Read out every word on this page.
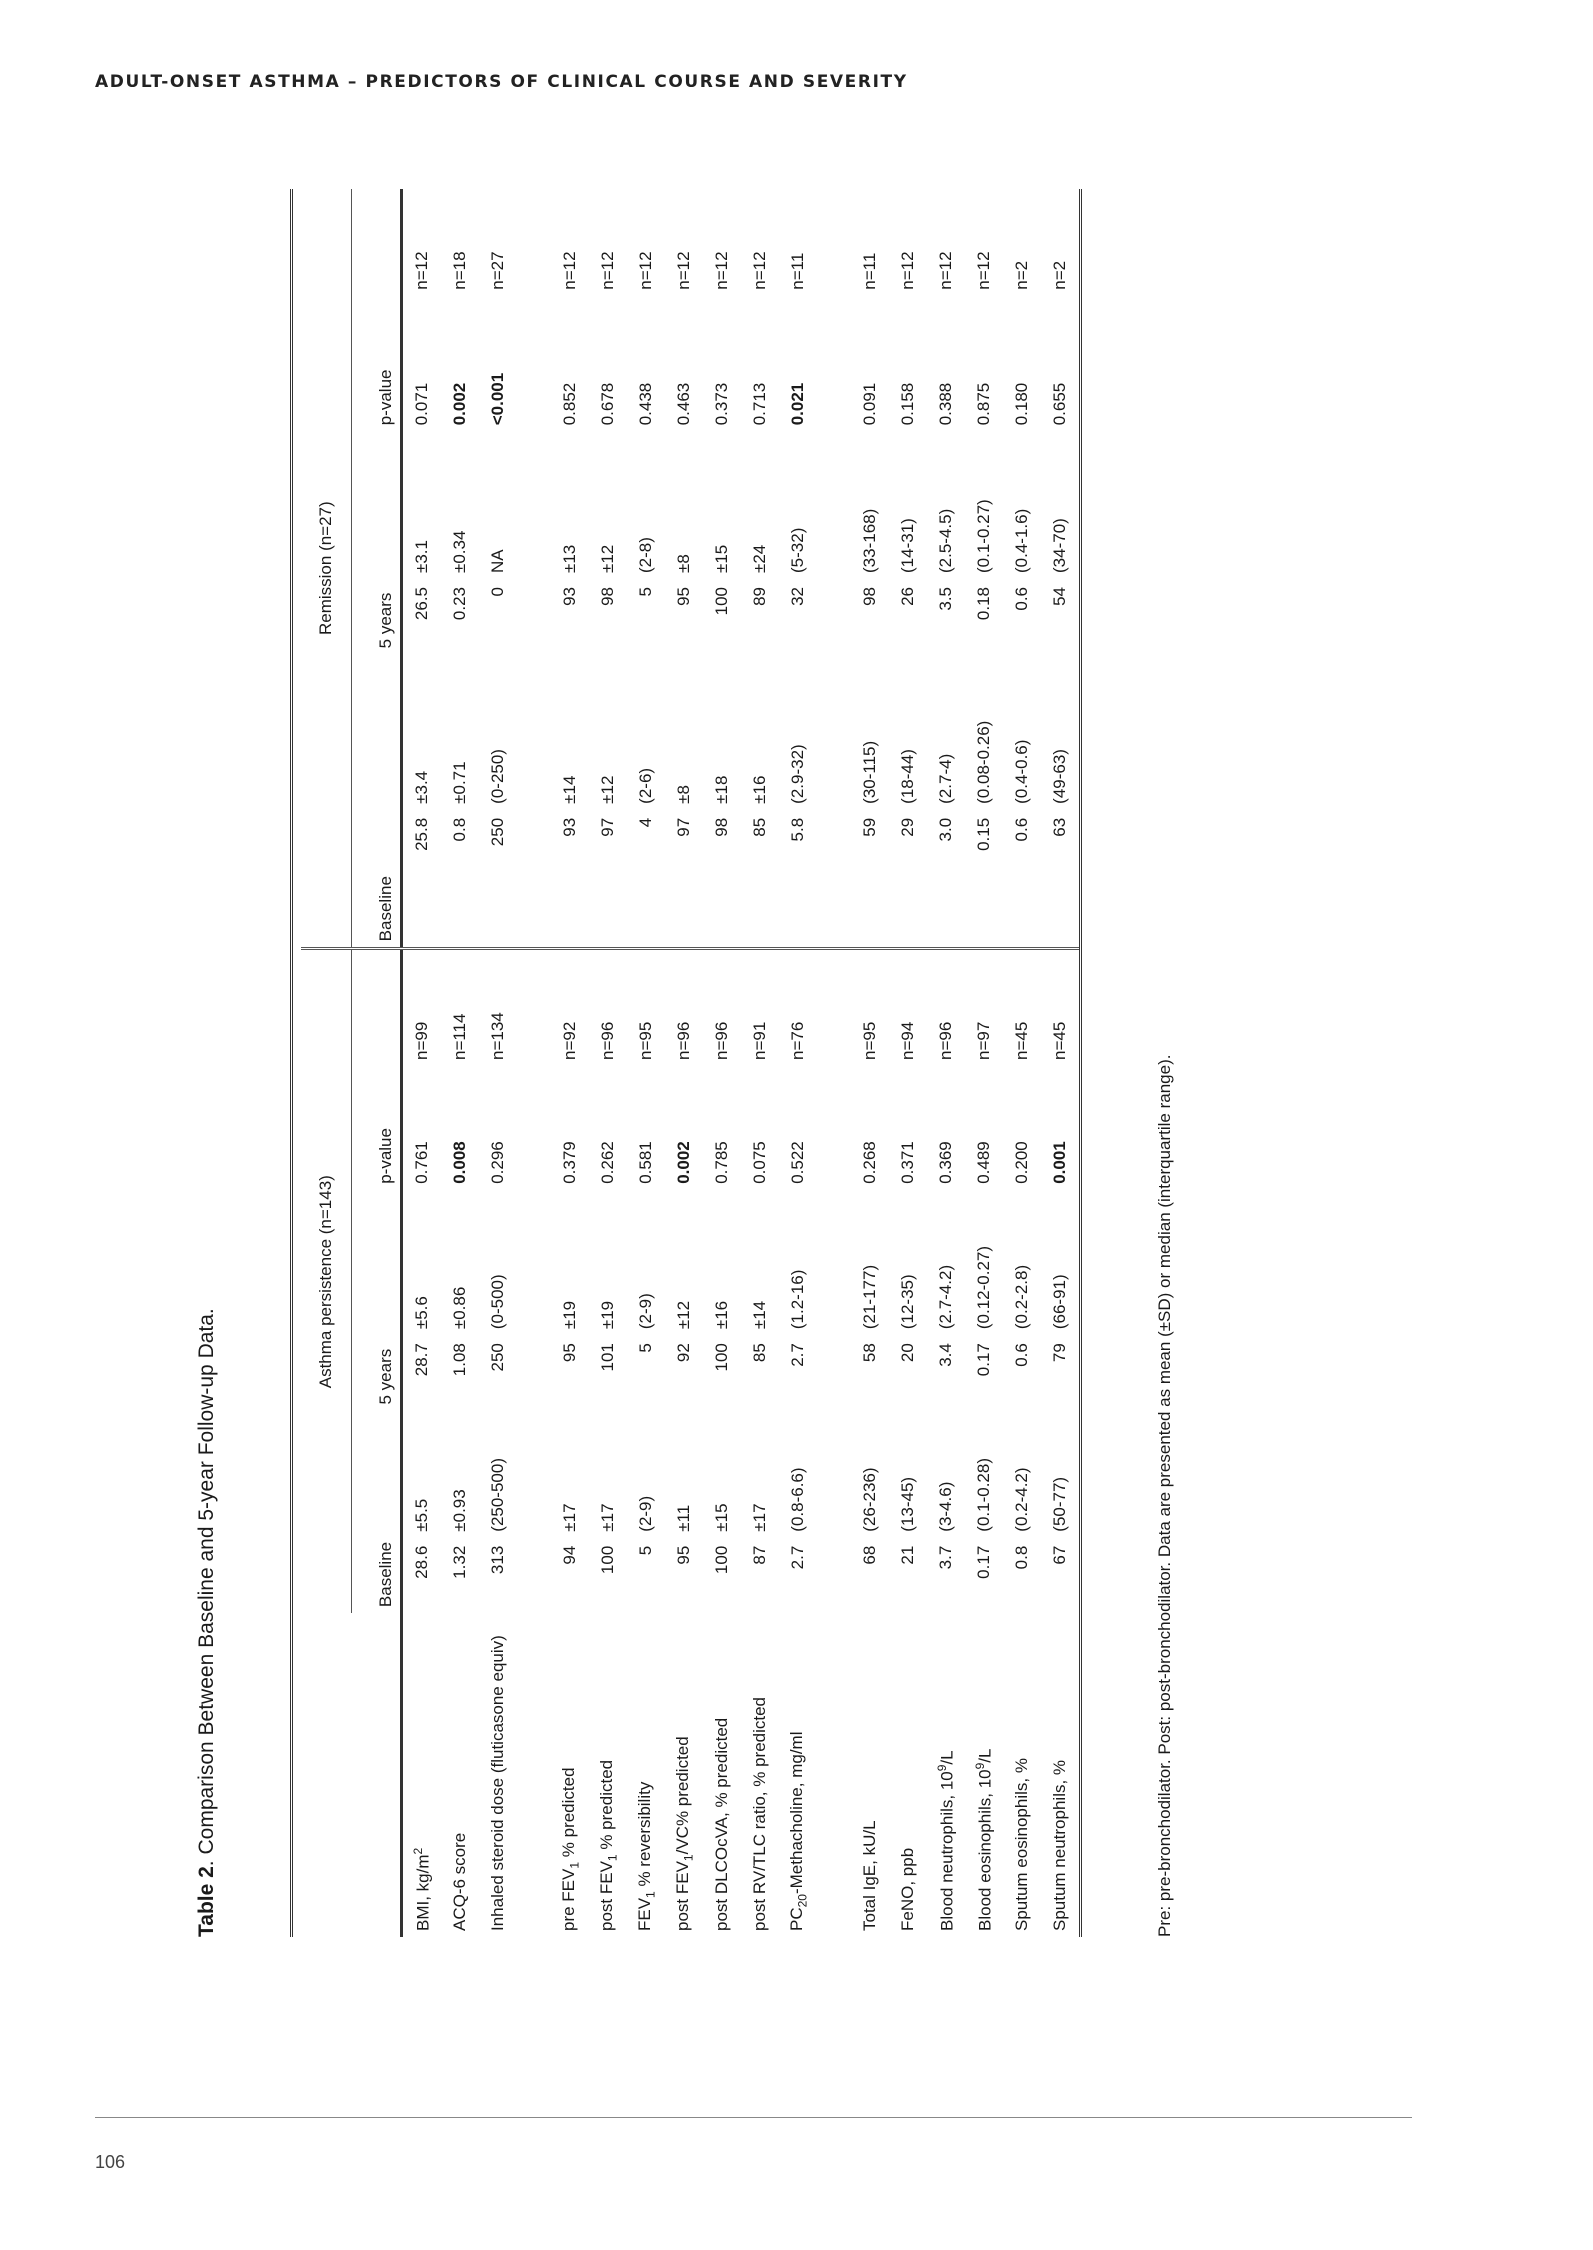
ADULT-ONSET ASTHMA – PREDICTORS OF CLINICAL COURSE AND SEVERITY
Table 2. Comparison Between Baseline and 5-year Follow-up Data.

	Asthma persistence (n=143)						Remission (n=27)					
	Baseline		5 years		p-value		Baseline		5 years		p-value	
BMI, $kg/m^2$	28.6	±5.5	28.7	±5.6	0.761	n=99	25.8	±3.4	26.5	±3.1	0.071	n=12
ACQ-6 score	1.32	±0.93	1.08	±0.86	0.008	n=114	0.8	±0.71	0.23	±0.34	0.002	n=18
Inhaled steroid dose (fluticasone equiv)	313	(250-500)	250	(0-500)	0.296	n=134	250	(0-250)	0	NA	<0.001	n=27

pre $FEV_1$ % predicted	94	±17	95	±19	0.379	n=92	93	±14	93	±13	0.852	n=12
post $FEV_1$ % predicted	100	±17	101	±19	0.262	n=96	97	±12	98	±12	0.678	n=12
$FEV_1$ % reversibility	5	(2-9)	5	(2-9)	0.581	n=95	4	(2-6)	5	(2-8)	0.438	n=12
post $FEV_1/VC\%$ predicted	95	±11	92	±12	0.002	n=96	97	±8	95	±8	0.463	n=12
post DLCOcVA, % predicted	100	±15	100	±16	0.785	n=96	98	±18	100	±15	0.373	n=12
post RV/TLC ratio, % predicted	87	±17	85	±14	0.075	n=91	85	±16	89	±24	0.713	n=12
$PC_{20}$-Methacholine, mg/ml	2.7	(0.8-6.6)	2.7	(1.2-16)	0.522	n=76	5.8	(2.9-32)	32	(5-32)	0.021	n=11

Total IgE, kU/L	68	(26-236)	58	(21-177)	0.268	n=95	59	(30-115)	98	(33-168)	0.091	n=11
FeNO, ppb	21	(13-45)	20	(12-35)	0.371	n=94	29	(18-44)	26	(14-31)	0.158	n=12
Blood neutrophils, $10^9/L$	3.7	(3-4.6)	3.4	(2.7-4.2)	0.369	n=96	3.0	(2.7-4)	3.5	(2.5-4.5)	0.388	n=12
Blood eosinophils, $10^9/L$	0.17	(0.1-0.28)	0.17	(0.12-0.27)	0.489	n=97	0.15	(0.08-0.26)	0.18	(0.1-0.27)	0.875	n=12
Sputum eosinophils, %	0.8	(0.2-4.2)	0.6	(0.2-2.8)	0.200	n=45	0.6	(0.4-0.6)	0.6	(0.4-1.6)	0.180	n=2
Sputum neutrophils, %	67	(50-77)	79	(66-91)	0.001	n=45	63	(49-63)	54	(34-70)	0.655	n=2
Pre: pre-bronchodilator. Post: post-bronchodilator. Data are presented as mean (±SD) or median (interquartile range).
106
